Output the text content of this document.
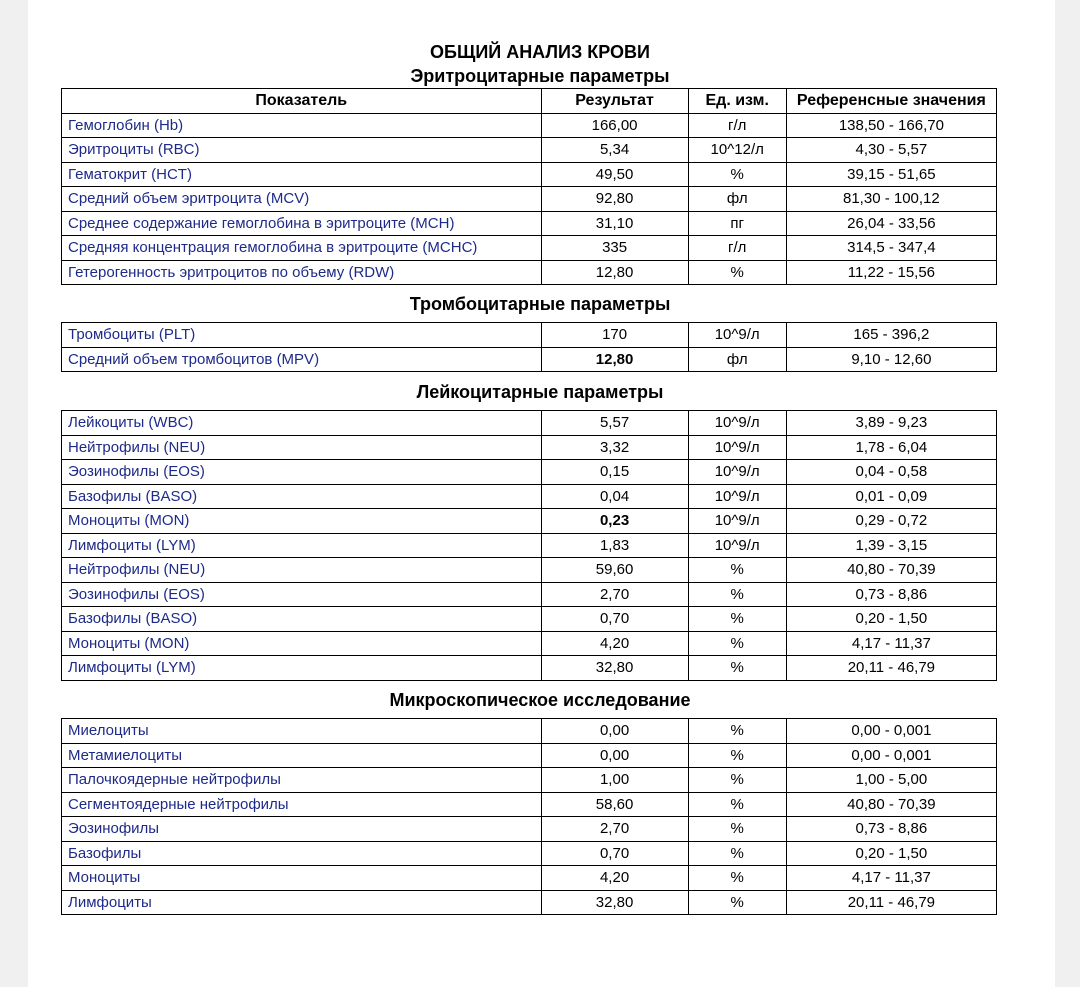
ОБЩИЙ АНАЛИЗ КРОВИ
Эритроцитарные параметры
Показатель	Результат	Ед. изм.	Референсные значения
Гемоглобин (Hb)	166,00	г/л	138,50 - 166,70
Эритроциты (RBC)	5,34	10^12/л	4,30 - 5,57
Гематокрит (HCT)	49,50	%	39,15 - 51,65
Средний объем эритроцита (MCV)	92,80	фл	81,30 - 100,12
Среднее содержание гемоглобина в эритроците (MCH)	31,10	пг	26,04 - 33,56
Средняя концентрация гемоглобина в эритроците (MCHC)	335	г/л	314,5 - 347,4
Гетерогенность эритроцитов по объему (RDW)	12,80	%	11,22 - 15,56
Тромбоцитарные параметры
Тромбоциты (PLT)	170	10^9/л	165 - 396,2
Средний объем тромбоцитов (MPV)	12,80	фл	9,10 - 12,60
Лейкоцитарные параметры
Лейкоциты (WBC)	5,57	10^9/л	3,89 - 9,23
Нейтрофилы (NEU)	3,32	10^9/л	1,78 - 6,04
Эозинофилы (EOS)	0,15	10^9/л	0,04 - 0,58
Базофилы (BASO)	0,04	10^9/л	0,01 - 0,09
Моноциты (MON)	0,23	10^9/л	0,29 - 0,72
Лимфоциты (LYM)	1,83	10^9/л	1,39 - 3,15
Нейтрофилы (NEU)	59,60	%	40,80 - 70,39
Эозинофилы (EOS)	2,70	%	0,73 - 8,86
Базофилы (BASO)	0,70	%	0,20 - 1,50
Моноциты (MON)	4,20	%	4,17 - 11,37
Лимфоциты (LYM)	32,80	%	20,11 - 46,79
Микроскопическое исследование
Миелоциты	0,00	%	0,00 - 0,001
Метамиелоциты	0,00	%	0,00 - 0,001
Палочкоядерные нейтрофилы	1,00	%	1,00 - 5,00
Сегментоядерные нейтрофилы	58,60	%	40,80 - 70,39
Эозинофилы	2,70	%	0,73 - 8,86
Базофилы	0,70	%	0,20 - 1,50
Моноциты	4,20	%	4,17 - 11,37
Лимфоциты	32,80	%	20,11 - 46,79
